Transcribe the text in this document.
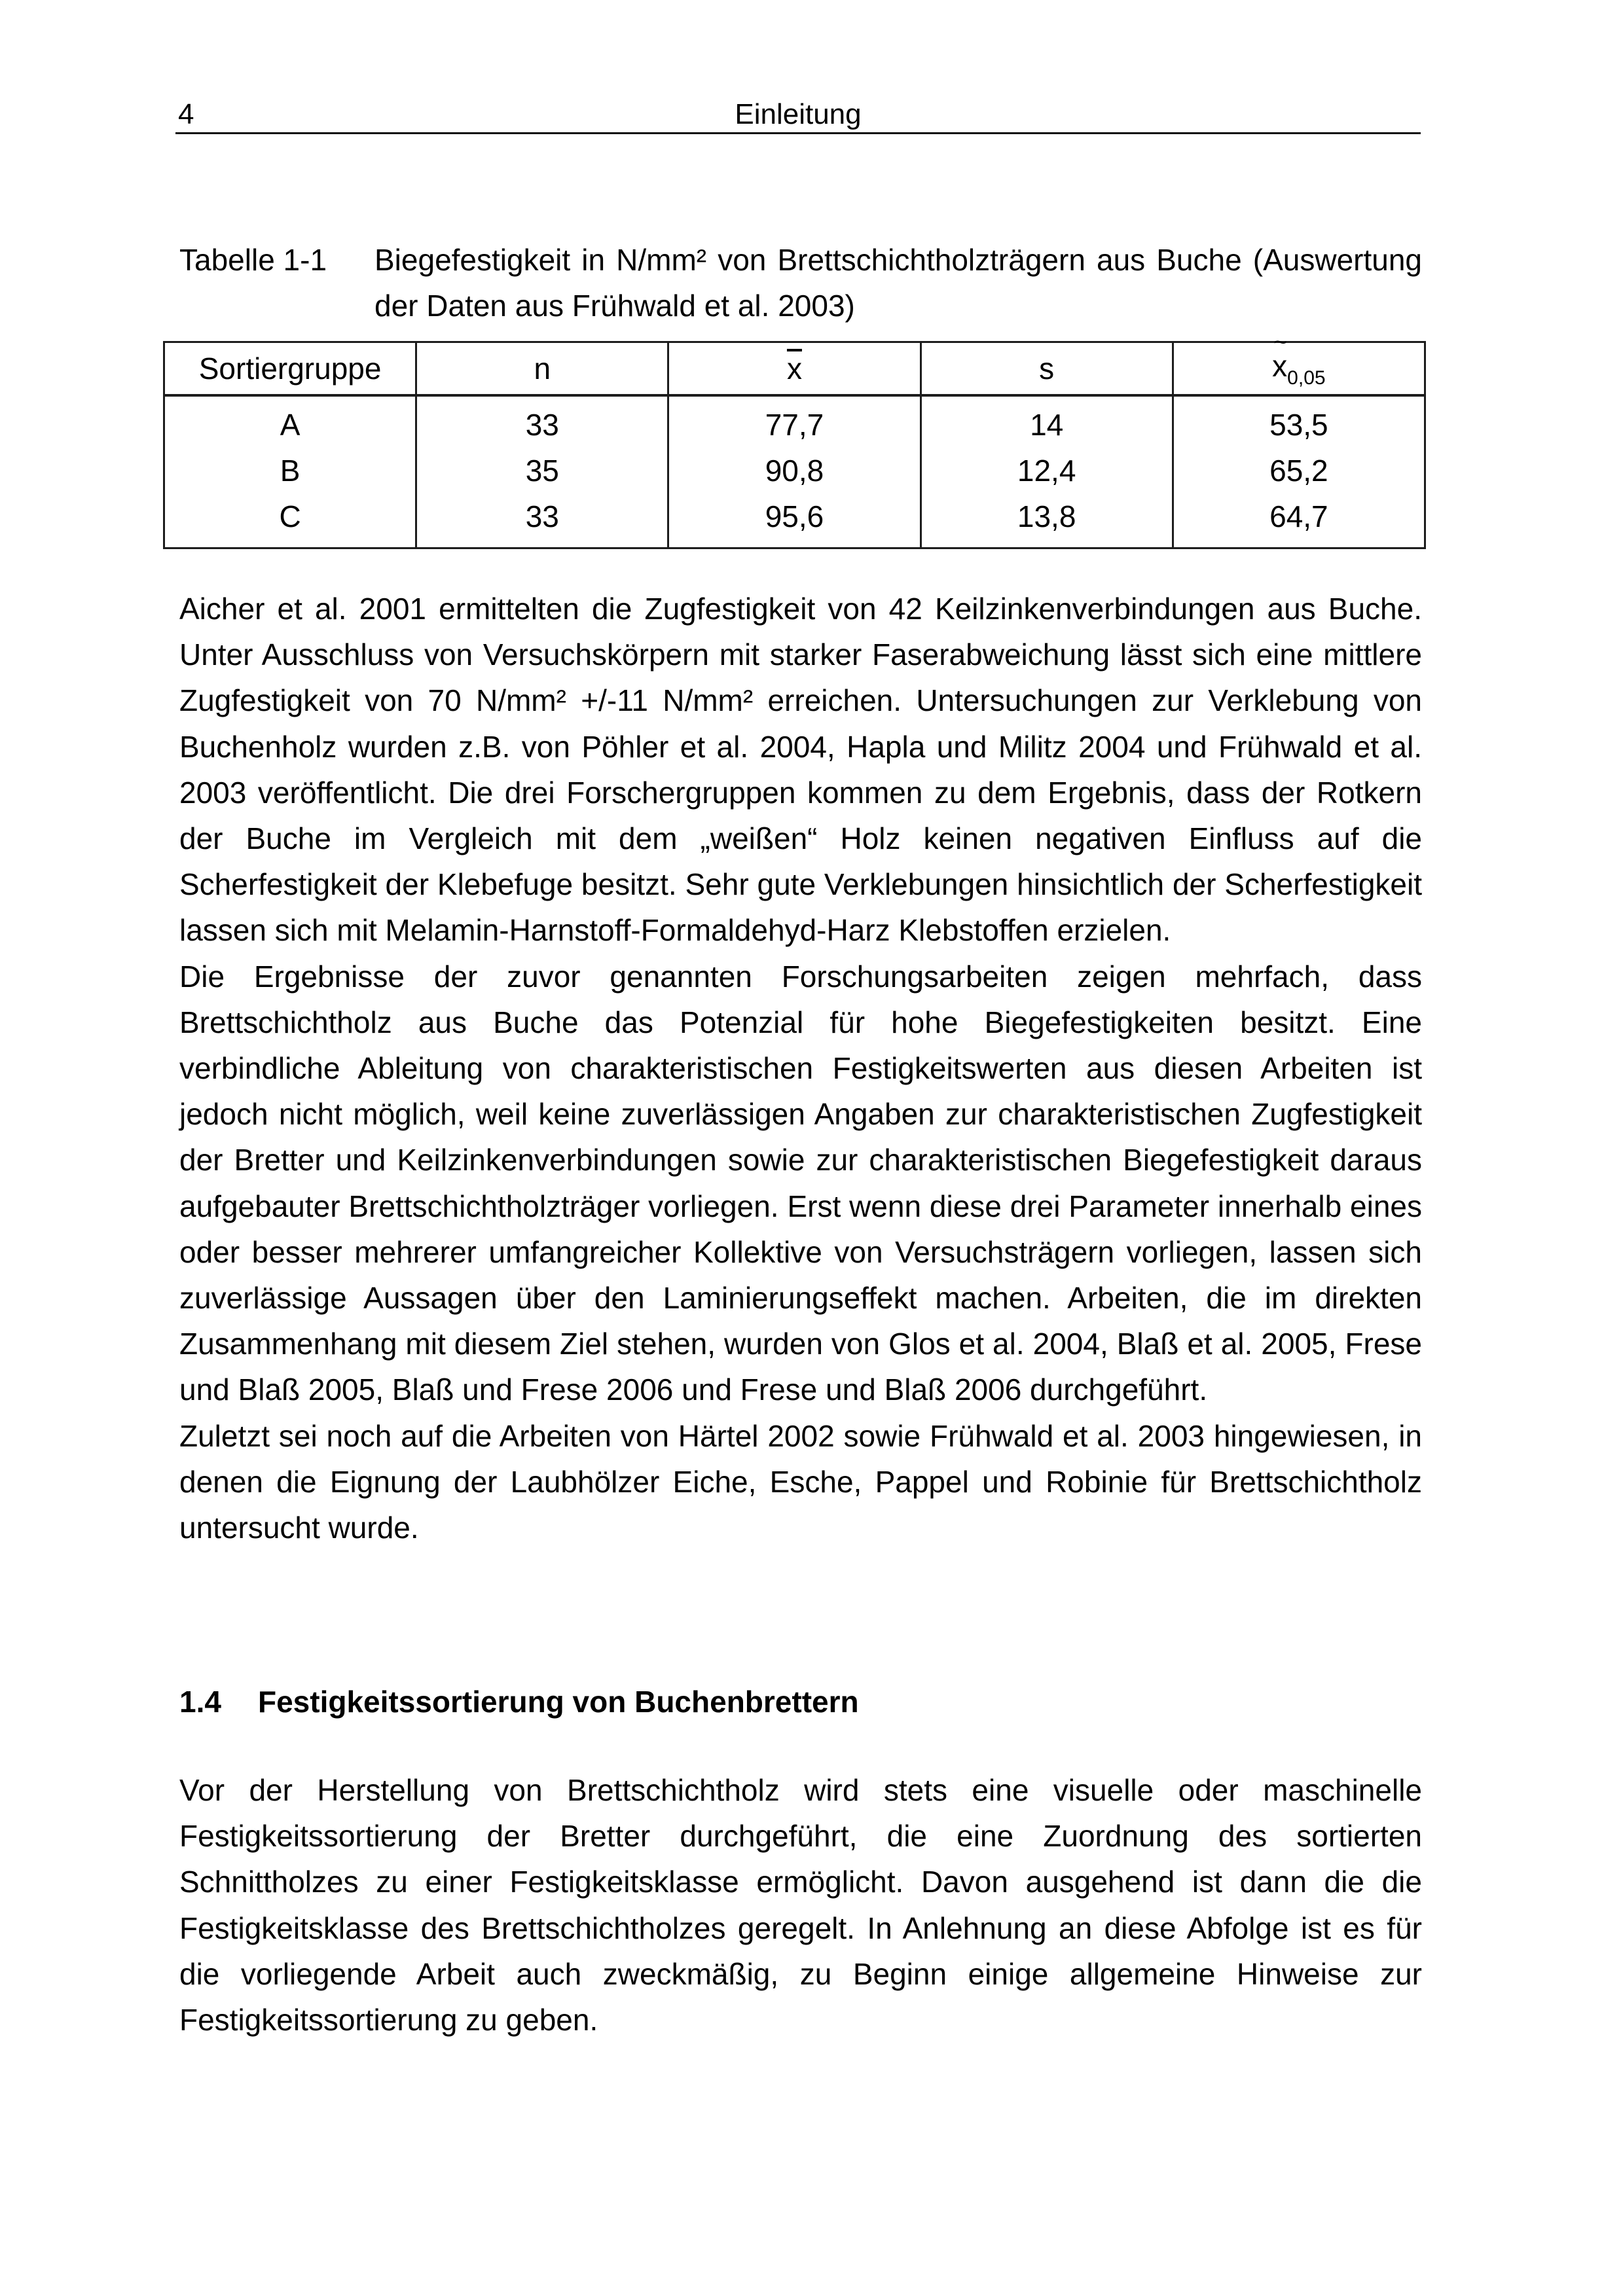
4	Einleitung
Tabelle 1-1 Biegefestigkeit in N/mm² von Brettschichtholzträgern aus Buche (Auswertung der Daten aus Frühwald et al. 2003)
Sortiergruppe	n	$\overline{x}$	s	~ $x_{0,05}$
A	33	77,7	14	53,5
B	35	90,8	12,4	65,2
C	33	95,6	13,8	64,7

Aicher et al. 2001 ermittelten die Zugfestigkeit von 42 Keilzinkenverbindungen aus Buche. Unter Ausschluss von Versuchskörpern mit starker Faserabweichung lässt sich eine mittlere Zugfestigkeit von 70 N/mm² +/-11 N/mm² erreichen. Untersuchungen zur Verklebung von Buchenholz wurden z.B. von Pöhler et al. 2004, Hapla und Militz 2004 und Frühwald et al. 2003 veröffentlicht. Die drei Forschergruppen kommen zu dem Ergebnis, dass der Rotkern der Buche im Vergleich mit dem „weißen“ Holz keinen negativen Einfluss auf die Scherfestigkeit der Klebefuge besitzt. Sehr gute Verklebungen hinsichtlich der Scherfestigkeit lassen sich mit Melamin-Harnstoff-Formaldehyd-Harz Klebstoffen erzielen.

Die Ergebnisse der zuvor genannten Forschungsarbeiten zeigen mehrfach, dass Brettschichtholz aus Buche das Potenzial für hohe Biegefestigkeiten besitzt. Eine verbindliche Ableitung von charakteristischen Festigkeitswerten aus diesen Arbeiten ist jedoch nicht möglich, weil keine zuverlässigen Angaben zur charakteristischen Zugfestigkeit der Bretter und Keilzinkenverbindungen sowie zur charakteristischen Biegefestigkeit daraus aufgebauter Brettschichtholzträger vorliegen. Erst wenn diese drei Parameter innerhalb eines oder besser mehrerer umfangreicher Kollektive von Versuchsträgern vorliegen, lassen sich zuverlässige Aussagen über den Laminierungseffekt machen. Arbeiten, die im direkten Zusammenhang mit diesem Ziel stehen, wurden von Glos et al. 2004, Blaß et al. 2005, Frese und Blaß 2005, Blaß und Frese 2006 und Frese und Blaß 2006 durchgeführt.

Zuletzt sei noch auf die Arbeiten von Härtel 2002 sowie Frühwald et al. 2003 hingewiesen, in denen die Eignung der Laubhölzer Eiche, Esche, Pappel und Robinie für Brettschichtholz untersucht wurde.

1.4 Festigkeitssortierung von Buchenbrettern

Vor der Herstellung von Brettschichtholz wird stets eine visuelle oder maschinelle Festigkeitssortierung der Bretter durchgeführt, die eine Zuordnung des sortierten Schnittholzes zu einer Festigkeitsklasse ermöglicht. Davon ausgehend ist dann die die Festigkeitsklasse des Brettschichtholzes geregelt. In Anlehnung an diese Abfolge ist es für die vorliegende Arbeit auch zweckmäßig, zu Beginn einige allgemeine Hinweise zur Festigkeitssortierung zu geben.
